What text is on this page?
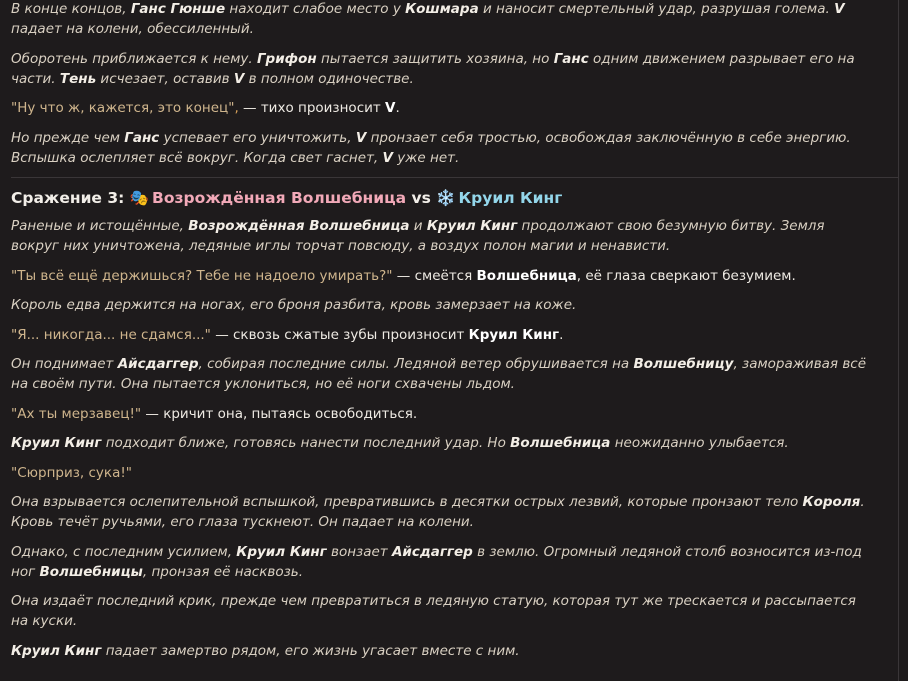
В конце концов, Ганс Гюнше находит слабое место у Кошмара и наносит смертельный удар, разрушая голема. V падает на колени, обессиленный.

Оборотень приближается к нему. Грифон пытается защитить хозяина, но Ганс одним движением разрывает его на части. Тень исчезает, оставив V в полном одиночестве.

"Ну что ж, кажется, это конец", — тихо произносит V.

Но прежде чем Ганс успевает его уничтожить, V пронзает себя тростью, освобождая заключённую в себе энергию. Вспышка ослепляет всё вокруг. Когда свет гаснет, V уже нет.

Сражение 3: 🎭 Возрождённая Волшебница vs ❄️ Круил Кинг

Раненые и истощённые, Возрождённая Волшебница и Круил Кинг продолжают свою безумную битву. Земля вокруг них уничтожена, ледяные иглы торчат повсюду, а воздух полон магии и ненависти.

"Ты всё ещё держишься? Тебе не надоело умирать?" — смеётся Волшебница, её глаза сверкают безумием.

Король едва держится на ногах, его броня разбита, кровь замерзает на коже.

"Я... никогда... не сдамся..." — сквозь сжатые зубы произносит Круил Кинг.

Он поднимает Айсдаггер, собирая последние силы. Ледяной ветер обрушивается на Волшебницу, замораживая всё на своём пути. Она пытается уклониться, но её ноги схвачены льдом.

"Ах ты мерзавец!" — кричит она, пытаясь освободиться.

Круил Кинг подходит ближе, готовясь нанести последний удар. Но Волшебница неожиданно улыбается.

"Сюрприз, сука!"

Она взрывается ослепительной вспышкой, превратившись в десятки острых лезвий, которые пронзают тело Короля. Кровь течёт ручьями, его глаза тускнеют. Он падает на колени.

Однако, с последним усилием, Круил Кинг вонзает Айсдаггер в землю. Огромный ледяной столб возносится из-под ног Волшебницы, пронзая её насквозь.

Она издаёт последний крик, прежде чем превратиться в ледяную статую, которая тут же трескается и рассыпается на куски.

Круил Кинг падает замертво рядом, его жизнь угасает вместе с ним.
